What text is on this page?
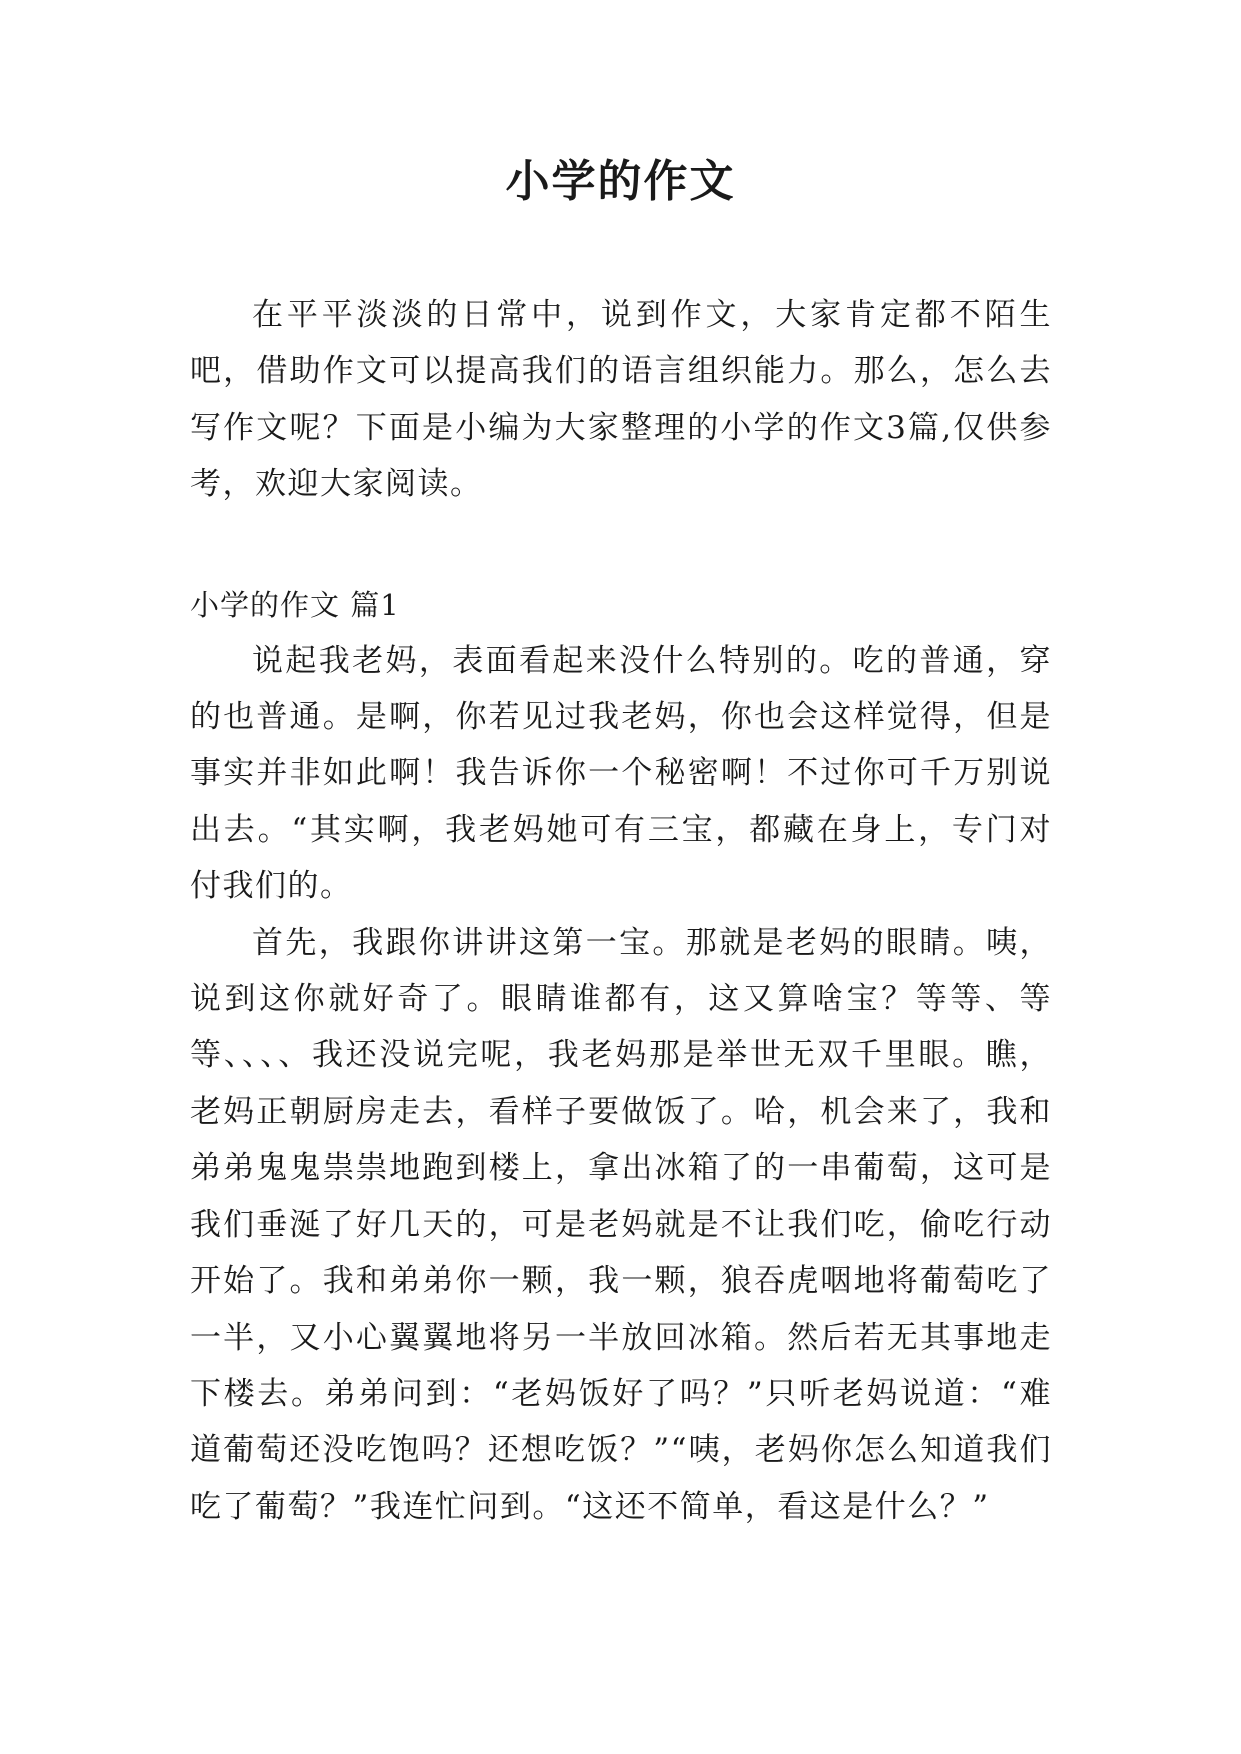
小学的作文

在平平淡淡的日常中，说到作文，大家肯定都不陌生吧，借助作文可以提高我们的语言组织能力。那么，怎么去写作文呢？下面是小编为大家整理的小学的作文3篇,仅供参考，欢迎大家阅读。

小学的作文 篇1

说起我老妈，表面看起来没什么特别的。吃的普通，穿的也普通。是啊，你若见过我老妈，你也会这样觉得，但是事实并非如此啊！我告诉你一个秘密啊！不过你可千万别说出去。“其实啊，我老妈她可有三宝，都藏在身上，专门对付我们的。

首先，我跟你讲讲这第一宝。那就是老妈的眼睛。咦，说到这你就好奇了。眼睛谁都有，这又算啥宝？等等、等等、、、、我还没说完呢，我老妈那是举世无双千里眼。瞧，老妈正朝厨房走去，看样子要做饭了。哈，机会来了，我和弟弟鬼鬼祟祟地跑到楼上，拿出冰箱了的一串葡萄，这可是我们垂涎了好几天的，可是老妈就是不让我们吃，偷吃行动开始了。我和弟弟你一颗，我一颗，狼吞虎咽地将葡萄吃了一半，又小心翼翼地将另一半放回冰箱。然后若无其事地走下楼去。弟弟问到：“老妈饭好了吗？”只听老妈说道：“难道葡萄还没吃饱吗？还想吃饭？”“咦，老妈你怎么知道我们吃了葡萄？”我连忙问到。“这还不简单，看这是什么？”
